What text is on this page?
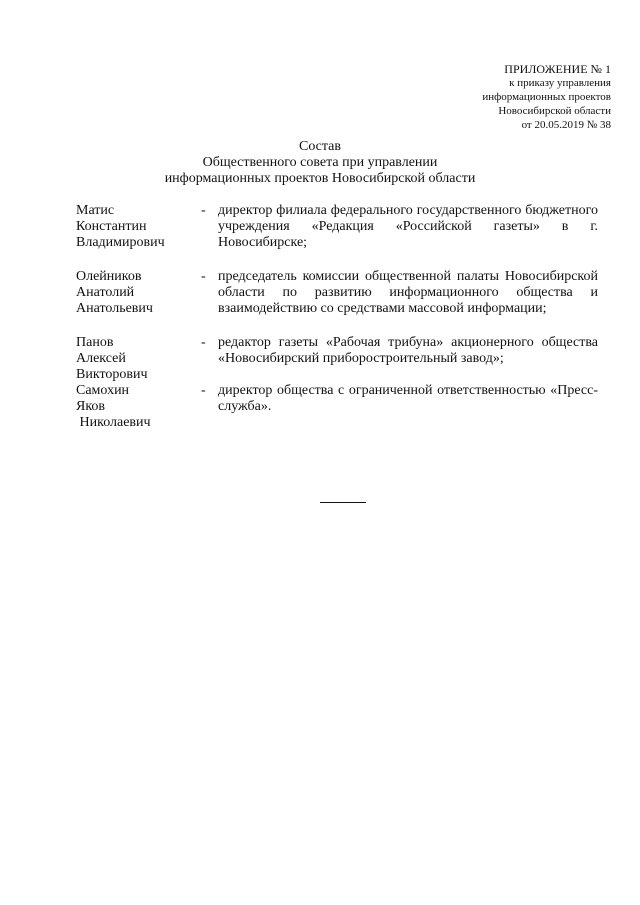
ПРИЛОЖЕНИЕ № 1
к приказу управления
информационных проектов
Новосибирской области
от 20.05.2019 № 38
Состав
Общественного совета при управлении
информационных проектов Новосибирской области
Матис
Константин
Владимирович
- директор филиала федерального государственного бюджетного учреждения «Редакция «Российской газеты» в г. Новосибирске;
Олейников
Анатолий
Анатольевич
- председатель комиссии общественной палаты Новосибирской области по развитию информационного общества и взаимодействию со средствами массовой информации;
Панов
Алексей
Викторович
- редактор газеты «Рабочая трибуна» акционерного общества «Новосибирский приборостроительный завод»;
Самохин
Яков
Николаевич
- директор общества с ограниченной ответственностью «Пресс-служба».
